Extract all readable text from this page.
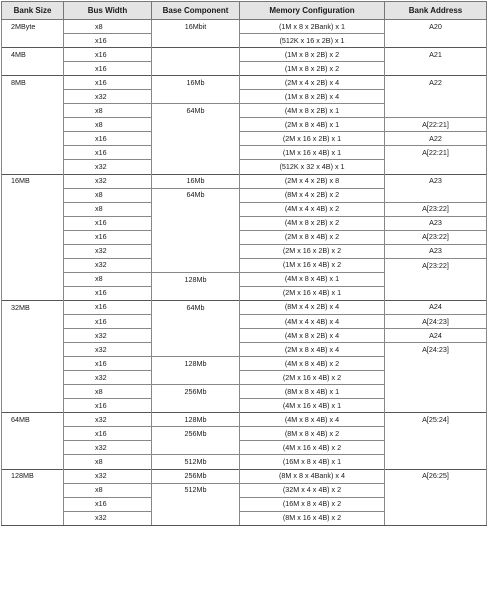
Bank Size	Bus Width	Base Component	Memory Configuration	Bank Address
2MByte	x8	16Mbit	(1M x 8 x 2Bank) x 1	A20
	x16		(512K x 16 x 2B) x 1	
4MB	x16		(1M x 8 x 2B) x 2	A21
	x16		(1M x 8 x 2B) x 2	
8MB	x16	16Mb	(2M x 4 x 2B) x 4	A22
	x32		(1M x 8 x 2B) x 4	
	x8	64Mb	(4M x 8 x 2B) x 1	
	x8		(2M x 8 x 4B) x 1	A[22:21]
	x16		(2M x 16 x 2B) x 1	A22
	x16		(1M x 16 x 4B) x 1	A[22:21]
	x32		(512K x 32 x 4B) x 1	
16MB	x32	16Mb	(2M x 4 x 2B) x 8	A23
	x8	64Mb	(8M x 4 x 2B) x 2	
	x8		(4M x 4 x 4B) x 2	A[23:22]
	x16		(4M x 8 x 2B) x 2	A23
	x16		(2M x 8 x 4B) x 2	A[23:22]
	x32		(2M x 16 x 2B) x 2	A23
	x32		(1M x 16 x 4B) x 2	A[23:22]
	x8	128Mb	(4M x 8 x 4B) x 1	
	x16		(2M x 16 x 4B) x 1	
32MB	x16	64Mb	(8M x 4 x 2B) x 4	A24
	x16		(4M x 4 x 4B) x 4	A[24:23]
	x32		(4M x 8 x 2B) x 4	A24
	x32		(2M x 8 x 4B) x 4	A[24:23]
	x16	128Mb	(4M x 8 x 4B) x 2	
	x32		(2M x 16 x 4B) x 2	
	x8	256Mb	(8M x 8 x 4B) x 1	
	x16		(4M x 16 x 4B) x 1	
64MB	x32	128Mb	(4M x 8 x 4B) x 4	A[25:24]
	x16	256Mb	(8M x 8 x 4B) x 2	
	x32		(4M x 16 x 4B) x 2	
	x8	512Mb	(16M x 8 x 4B) x 1	
128MB	x32	256Mb	(8M x 8 x 4Bank) x 4	A[26:25]
	x8	512Mb	(32M x 4 x 4B) x 2	
	x16		(16M x 8 x 4B) x 2	
	x32		(8M x 16 x 4B) x 2	
